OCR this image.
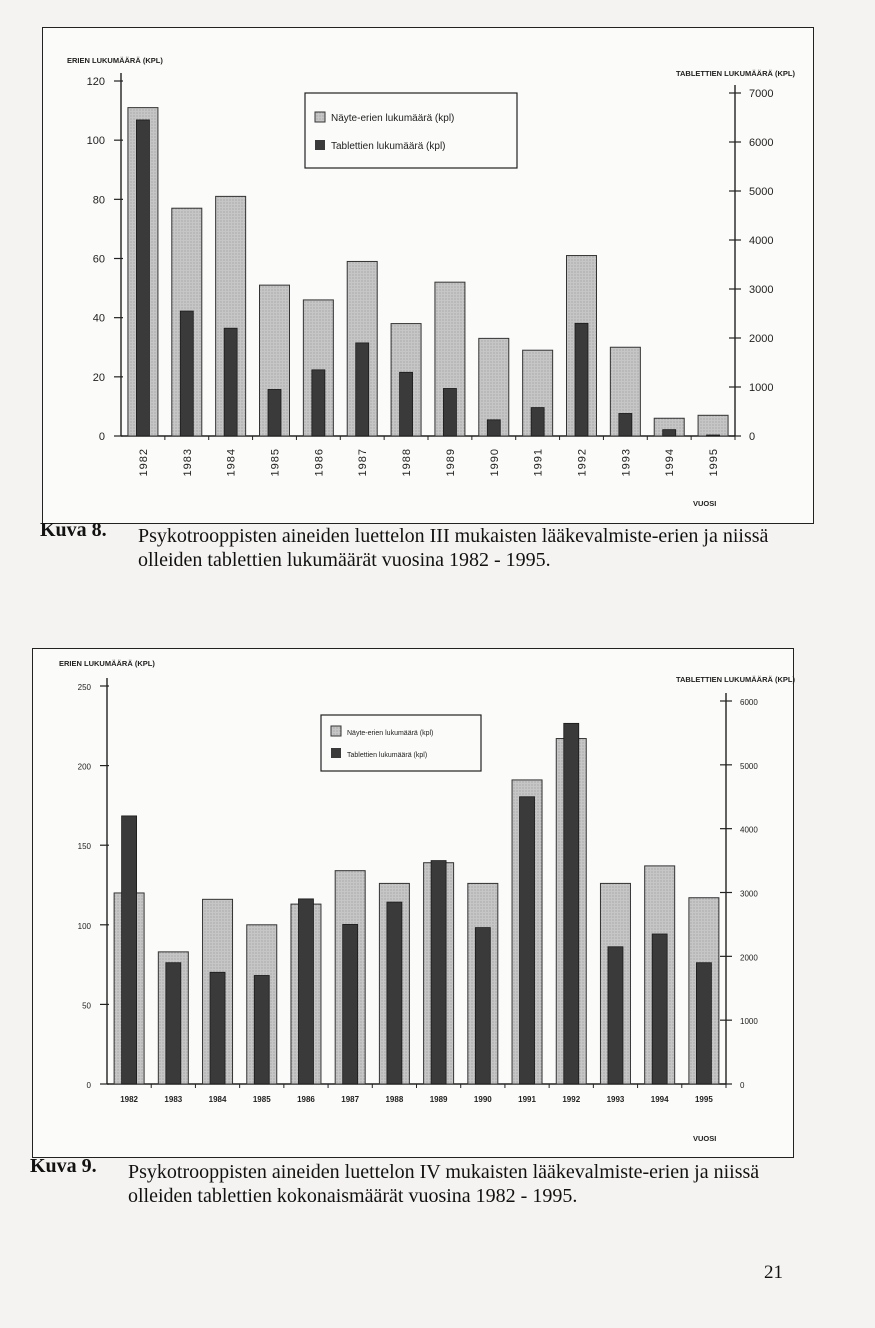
ERIEN LUKUMÄÄRÄ (KPL)
TABLETTIEN LUKUMÄÄRÄ (KPL)
0
20
40
60
80
100
120
0
1000
2000
3000
4000
5000
6000
7000
1982	1983	1984	1985	1986	1987	1988	1989	1990	1991	1992	1993	1994	1995
VUOSI
Näyte-erien lukumäärä (kpl)
Tablettien lukumäärä (kpl)
Kuva 8. Psykotrooppisten aineiden luettelon III mukaisten lääkevalmiste-erien ja niissä
olleiden tablettien lukumäärät vuosina 1982 - 1995.
ERIEN LUKUMÄÄRÄ (KPL)
TABLETTIEN LUKUMÄÄRÄ (KPL)
0
50
100
150
200
250
0
1000
2000
3000
4000
5000
6000
1982	1983	1984	1985	1986	1987	1988	1989	1990	1991	1992	1993	1994	1995
VUOSI
Näyte-erien lukumäärä (kpl)
Tablettien lukumäärä (kpl)
Kuva 9. Psykotrooppisten aineiden luettelon IV mukaisten lääkevalmiste-erien ja niissä
olleiden tablettien kokonaismäärät vuosina 1982 - 1995.
21
